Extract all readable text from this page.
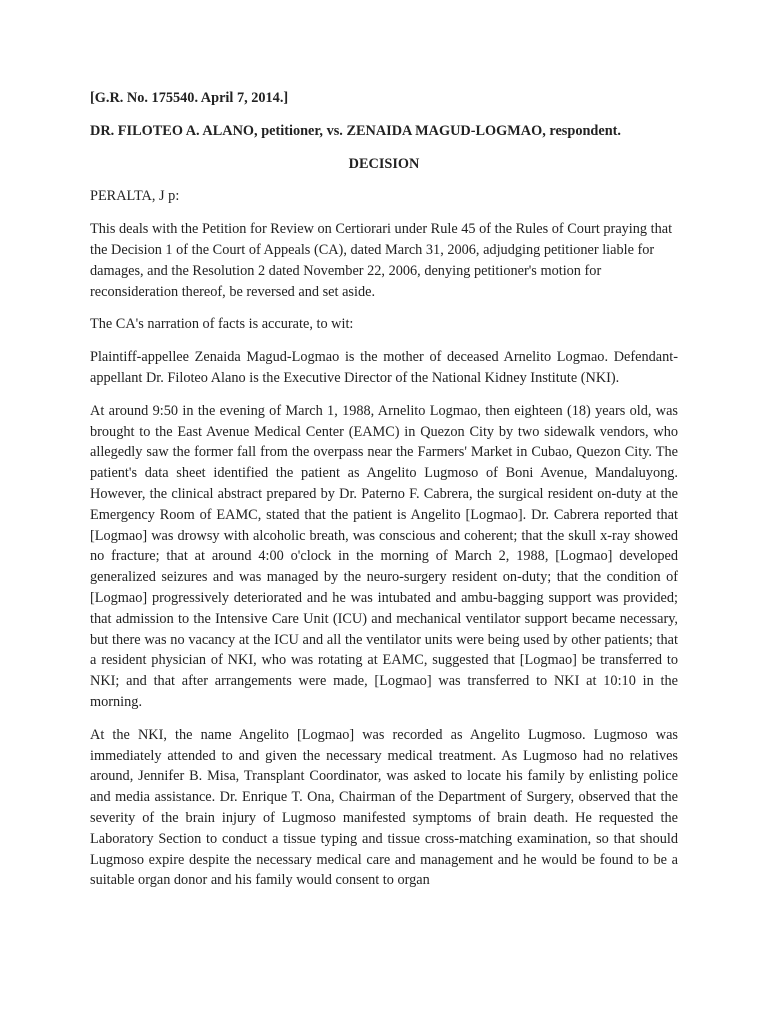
[G.R. No. 175540. April 7, 2014.]

DR. FILOTEO A. ALANO, petitioner, vs. ZENAIDA MAGUD-LOGMAO, respondent.

DECISION

PERALTA, J p:

This deals with the Petition for Review on Certiorari under Rule 45 of the Rules of Court praying that the Decision 1 of the Court of Appeals (CA), dated March 31, 2006, adjudging petitioner liable for damages, and the Resolution 2 dated November 22, 2006, denying petitioner's motion for reconsideration thereof, be reversed and set aside.

The CA's narration of facts is accurate, to wit:

Plaintiff-appellee Zenaida Magud-Logmao is the mother of deceased Arnelito Logmao. Defendant-appellant Dr. Filoteo Alano is the Executive Director of the National Kidney Institute (NKI).

At around 9:50 in the evening of March 1, 1988, Arnelito Logmao, then eighteen (18) years old, was brought to the East Avenue Medical Center (EAMC) in Quezon City by two sidewalk vendors, who allegedly saw the former fall from the overpass near the Farmers' Market in Cubao, Quezon City. The patient's data sheet identified the patient as Angelito Lugmoso of Boni Avenue, Mandaluyong. However, the clinical abstract prepared by Dr. Paterno F. Cabrera, the surgical resident on-duty at the Emergency Room of EAMC, stated that the patient is Angelito [Logmao]. Dr. Cabrera reported that [Logmao] was drowsy with alcoholic breath, was conscious and coherent; that the skull x-ray showed no fracture; that at around 4:00 o'clock in the morning of March 2, 1988, [Logmao] developed generalized seizures and was managed by the neuro-surgery resident on-duty; that the condition of [Logmao] progressively deteriorated and he was intubated and ambu-bagging support was provided; that admission to the Intensive Care Unit (ICU) and mechanical ventilator support became necessary, but there was no vacancy at the ICU and all the ventilator units were being used by other patients; that a resident physician of NKI, who was rotating at EAMC, suggested that [Logmao] be transferred to NKI; and that after arrangements were made, [Logmao] was transferred to NKI at 10:10 in the morning.

At the NKI, the name Angelito [Logmao] was recorded as Angelito Lugmoso. Lugmoso was immediately attended to and given the necessary medical treatment. As Lugmoso had no relatives around, Jennifer B. Misa, Transplant Coordinator, was asked to locate his family by enlisting police and media assistance. Dr. Enrique T. Ona, Chairman of the Department of Surgery, observed that the severity of the brain injury of Lugmoso manifested symptoms of brain death. He requested the Laboratory Section to conduct a tissue typing and tissue cross-matching examination, so that should Lugmoso expire despite the necessary medical care and management and he would be found to be a suitable organ donor and his family would consent to organ
